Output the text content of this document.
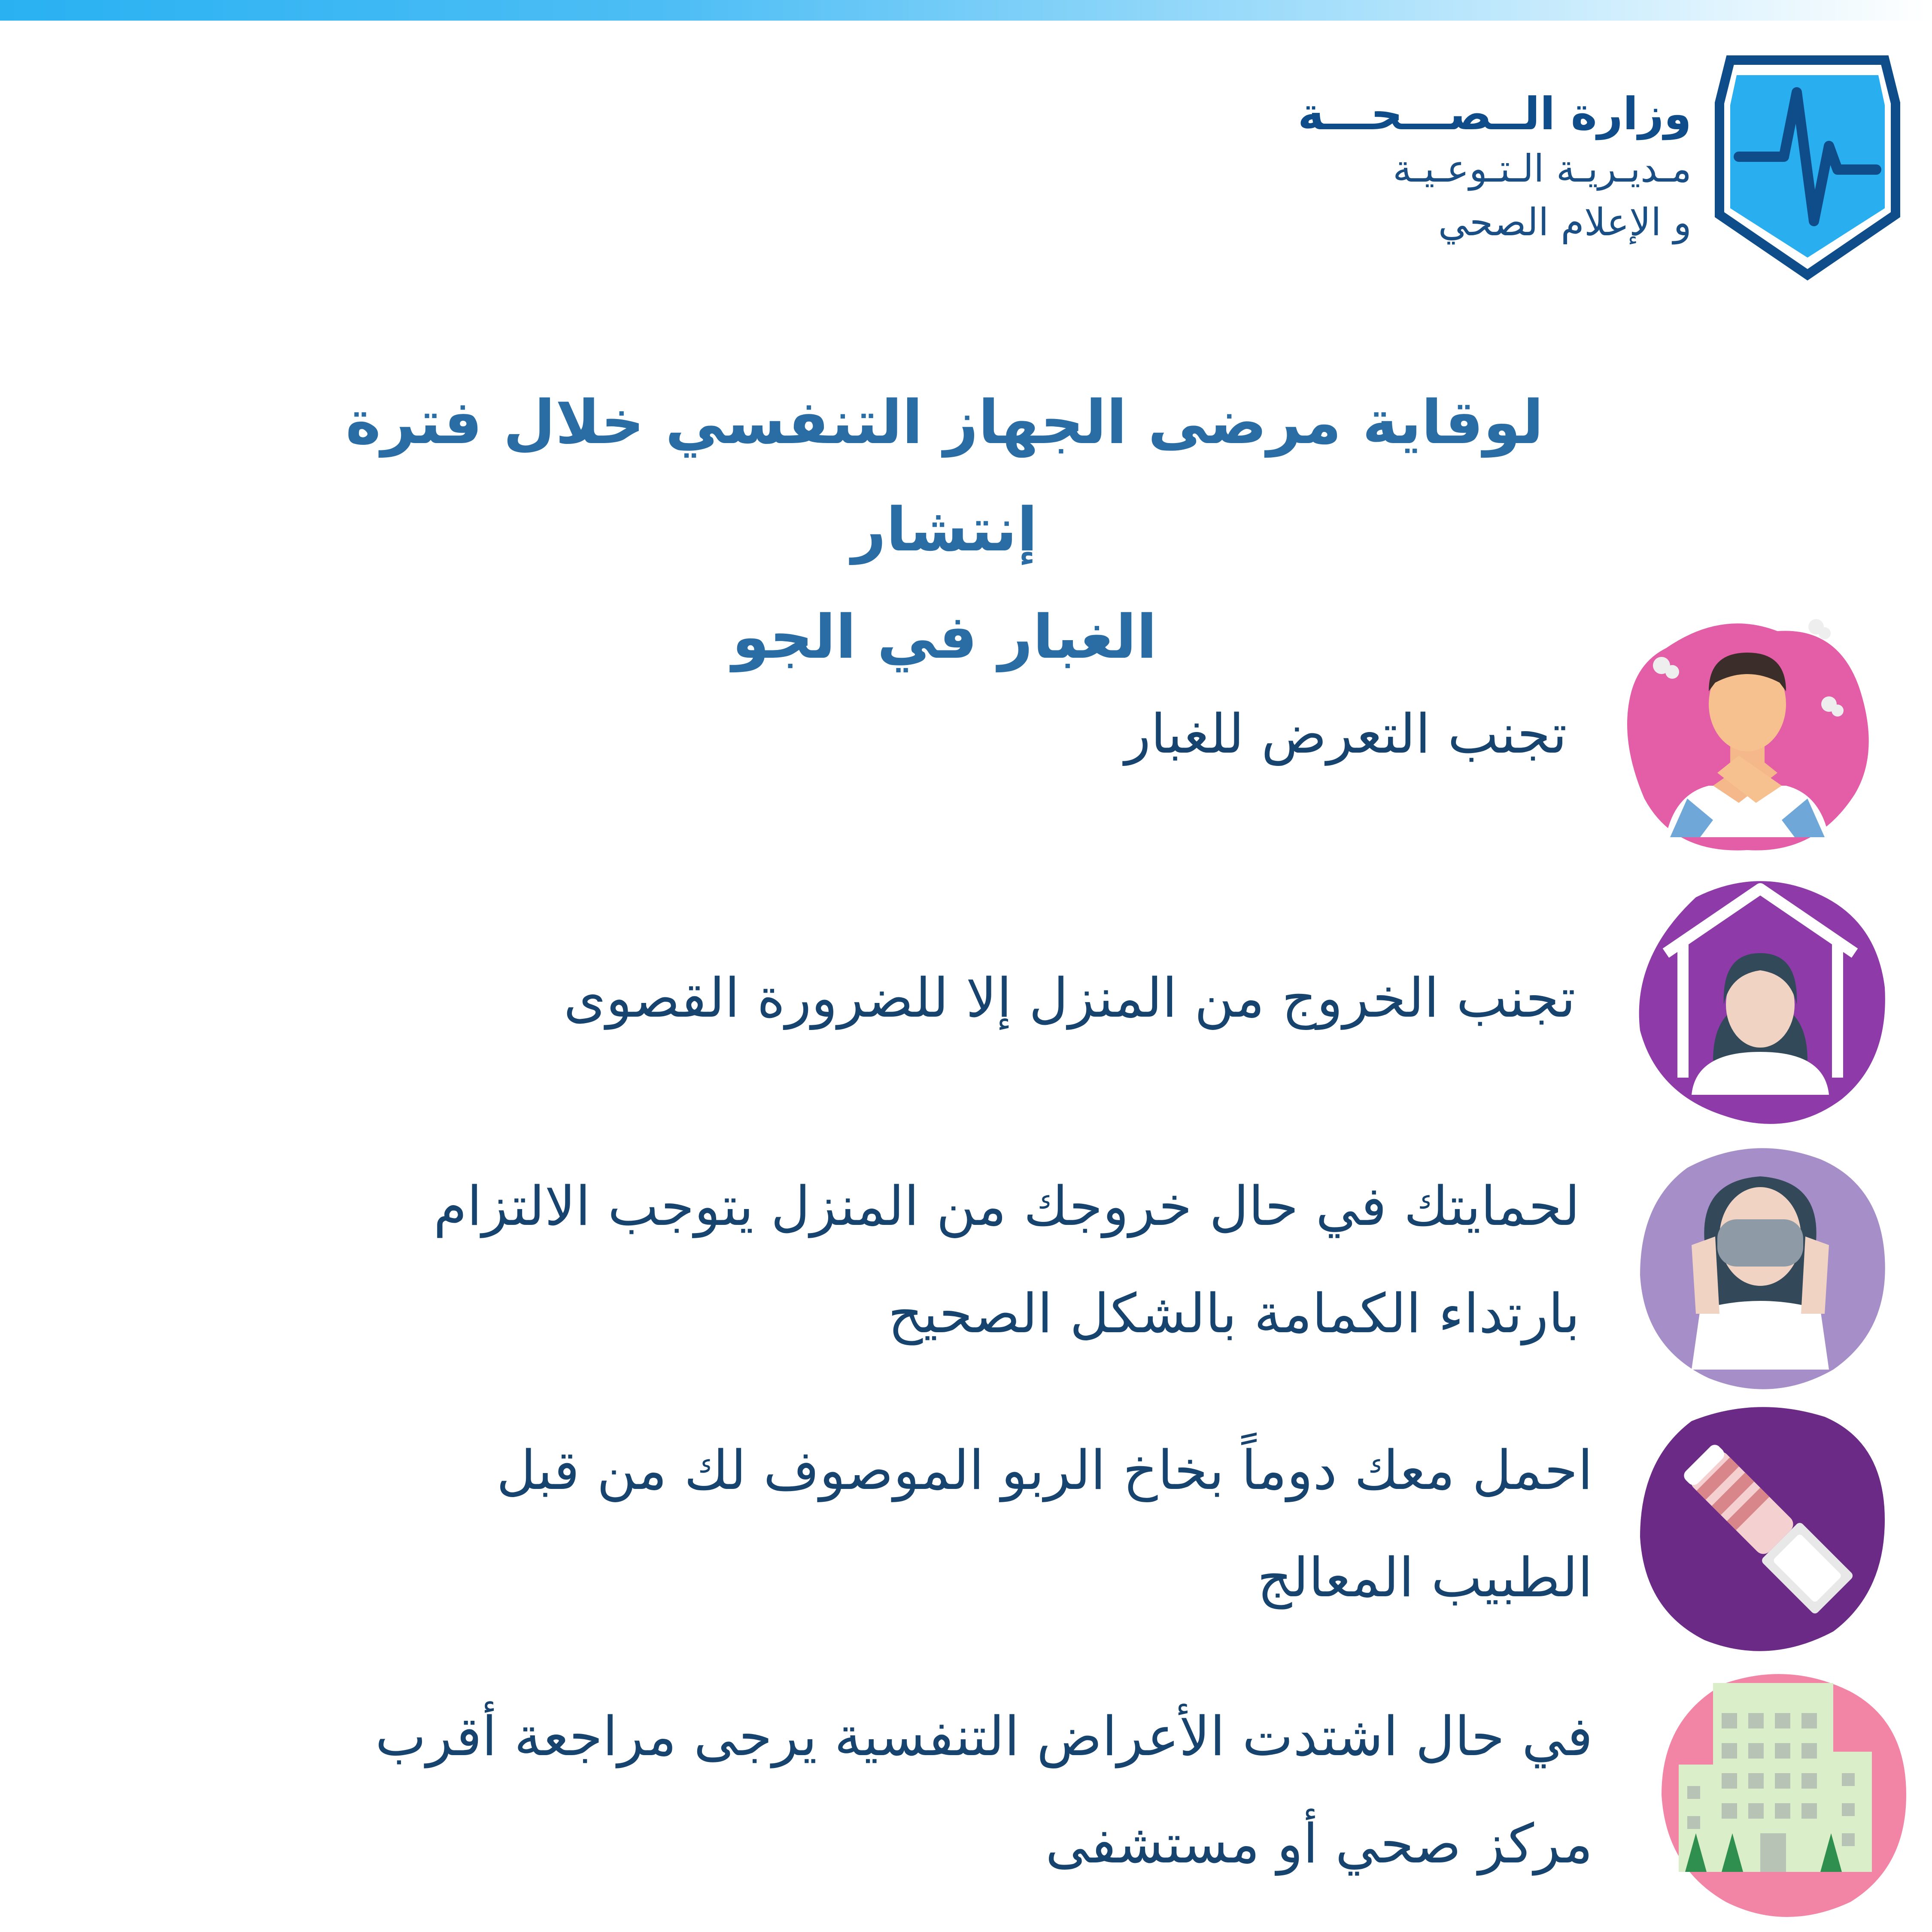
وزارة الــصـــحـــة
مـديـريـة الـتـوعـيـة
و الإعلام الصحي
لوقاية مرضى الجهاز التنفسي خلال فترة إنتشار
الغبار في الجو
تجنب التعرض للغبار
تجنب الخروج من المنزل إلا للضرورة القصوى
لحمايتك في حال خروجك من المنزل يتوجب الالتزام
بارتداء الكمامة بالشكل الصحيح
احمل معك دوماً بخاخ الربو الموصوف لك من قبل
الطبيب المعالج
في حال اشتدت الأعراض التنفسية يرجى مراجعة أقرب
مركز صحي أو مستشفى
